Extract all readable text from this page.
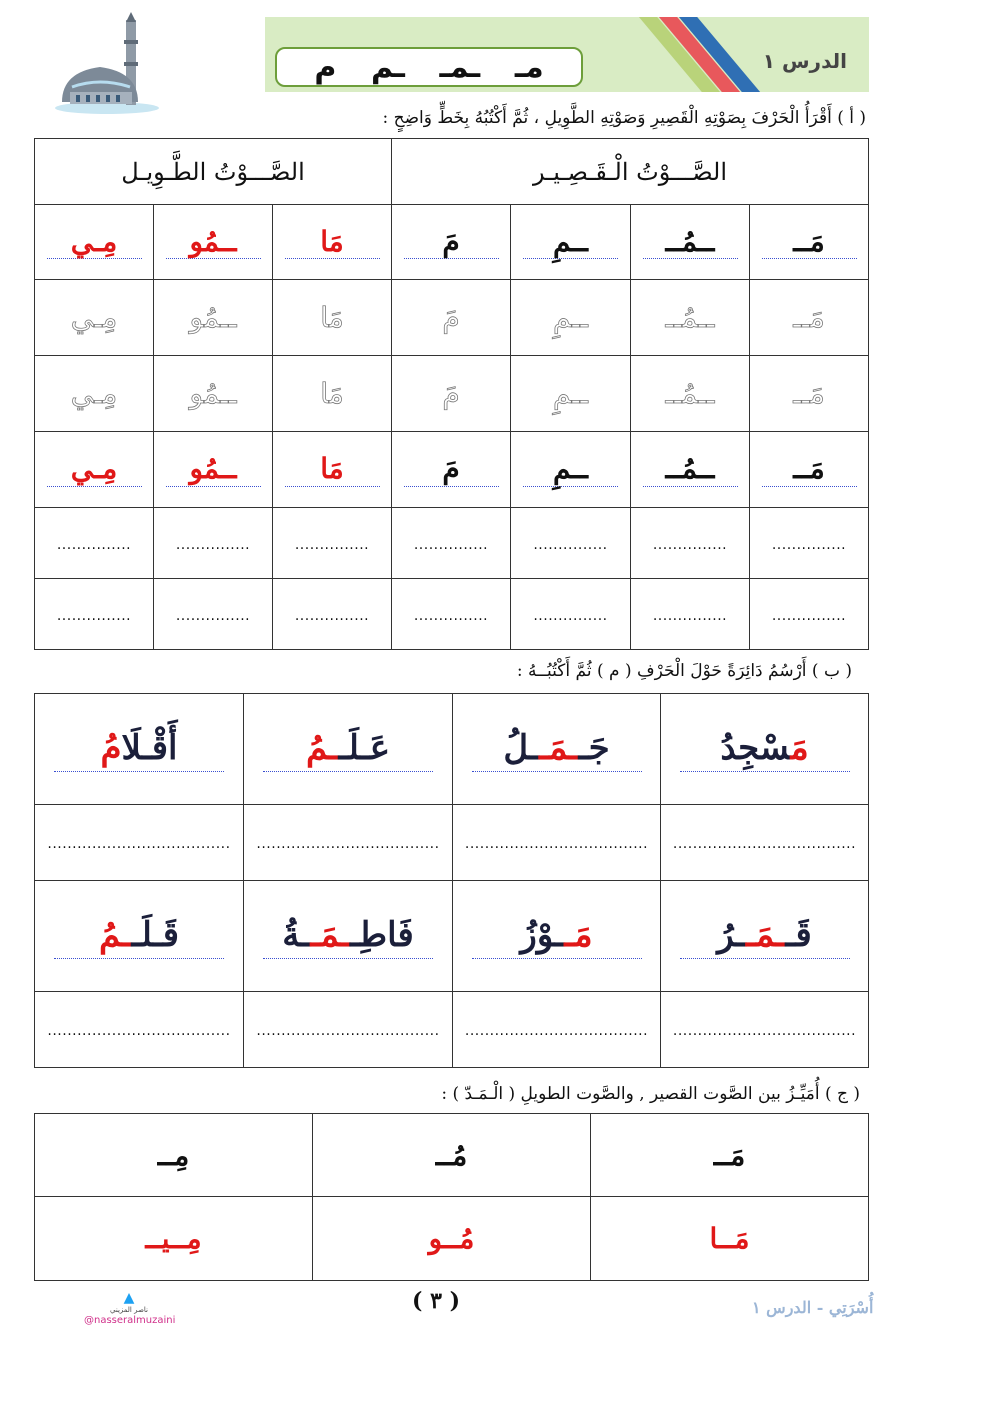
الدرس ١
مـ
ـمـ
ـم
م
( أ ) أَقْرَأُ الْحَرْفَ بِصَوْتِهِ الْقَصِيرِ وَصَوْتِهِ الطَّوِيلِ ، ثُمَّ أَكْتُبُهُ بِخَطٍّ وَاضِحٍ :
الصَّـــوْتُ الْـقَـصِـيـر				الصَّـــوْتُ الطَّـوِيـل		
مَــ	ــمُــ	ــمِ	مَ	مَا	ــمُو	مِـي
مَــ	ــمُــ	ــمِ	مَ	مَا	ــمُو	مِـي
مَــ	ــمُــ	ــمِ	مَ	مَا	ــمُو	مِـي
مَــ	ــمُــ	ــمِ	مَ	مَا	ــمُو	مِـي
...............	...............	...............	...............	...............	...............	...............
...............	...............	...............	...............	...............	...............	...............
( ب ) أَرْسُمُ دَائِرَةً حَوْلَ الْحَرْفِ ( م ) ثُمَّ أَكْتُبُــهُ :
مَسْجِدُ	جَــمَــلُ	عَـلَــمُ	أَقْـلَامُ
.....................................	.....................................	.....................................	.....................................
قَــمَــرُ	مَــوْزُ	فَاطِــمَــةُ	قَـلَــمُ
.....................................	.....................................	.....................................	.....................................
( ج ) أُمَيِّـزُ بين الصَّوت القصير , والصَّوت الطويلِ ( الْـمَـدّ ) :
مَــ	مُــ	مِــ
مَــا	مُــو	مِــيــ
( ٣ )
▲
ناصر المزيني
@nasseralmuzaini
أُسْرَتِي - الدرس ١
